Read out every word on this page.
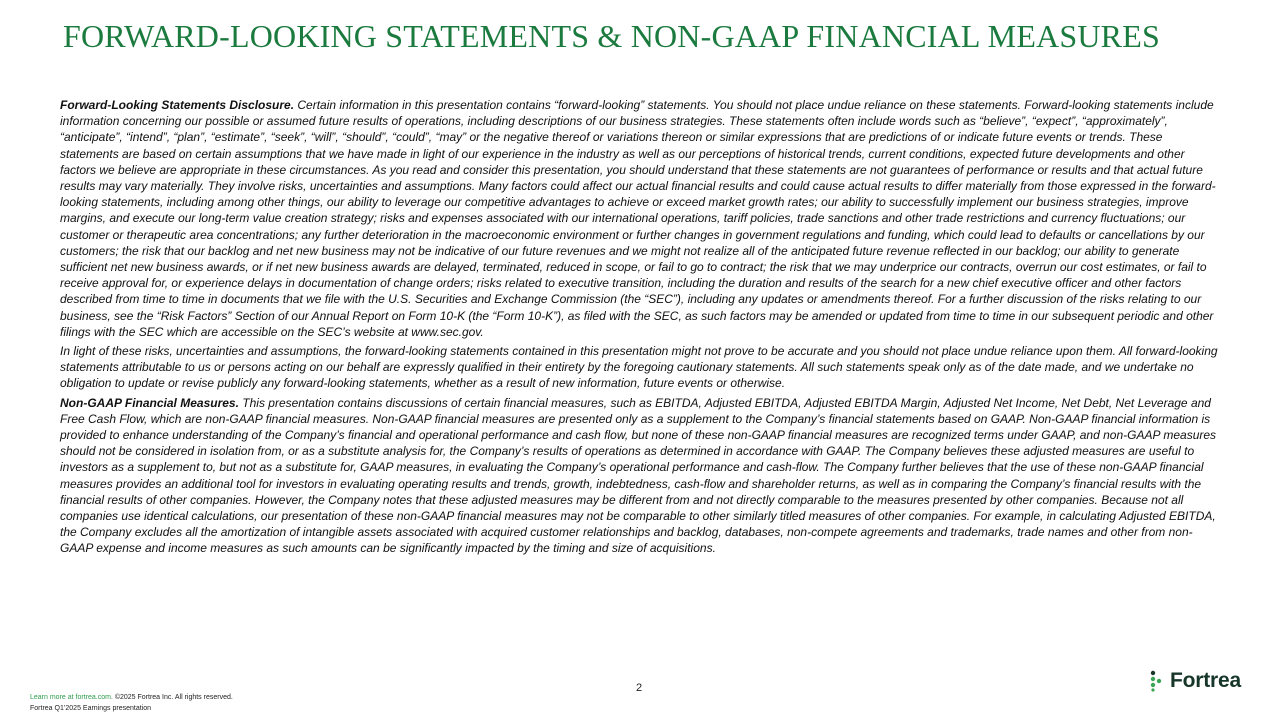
FORWARD-LOOKING STATEMENTS & NON-GAAP FINANCIAL MEASURES

Forward-Looking Statements Disclosure. Certain information in this presentation contains “forward-looking” statements. You should not place undue reliance on these statements. Forward-looking statements include information concerning our possible or assumed future results of operations, including descriptions of our business strategies. These statements often include words such as “believe”, “expect”, “approximately”, “anticipate”, “intend”, “plan”, “estimate”, “seek”, “will”, “should”, “could”, “may” or the negative thereof or variations thereon or similar expressions that are predictions of or indicate future events or trends. These statements are based on certain assumptions that we have made in light of our experience in the industry as well as our perceptions of historical trends, current conditions, expected future developments and other factors we believe are appropriate in these circumstances. As you read and consider this presentation, you should understand that these statements are not guarantees of performance or results and that actual future results may vary materially. They involve risks, uncertainties and assumptions. Many factors could affect our actual financial results and could cause actual results to differ materially from those expressed in the forward-looking statements, including among other things, our ability to leverage our competitive advantages to achieve or exceed market growth rates; our ability to successfully implement our business strategies, improve margins, and execute our long-term value creation strategy; risks and expenses associated with our international operations, tariff policies, trade sanctions and other trade restrictions and currency fluctuations; our customer or therapeutic area concentrations; any further deterioration in the macroeconomic environment or further changes in government regulations and funding, which could lead to defaults or cancellations by our customers; the risk that our backlog and net new business may not be indicative of our future revenues and we might not realize all of the anticipated future revenue reflected in our backlog; our ability to generate sufficient net new business awards, or if net new business awards are delayed, terminated, reduced in scope, or fail to go to contract; the risk that we may underprice our contracts, overrun our cost estimates, or fail to receive approval for, or experience delays in documentation of change orders; risks related to executive transition, including the duration and results of the search for a new chief executive officer and other factors described from time to time in documents that we file with the U.S. Securities and Exchange Commission (the “SEC”), including any updates or amendments thereof. For a further discussion of the risks relating to our business, see the “Risk Factors” Section of our Annual Report on Form 10-K (the “Form 10-K”), as filed with the SEC, as such factors may be amended or updated from time to time in our subsequent periodic and other filings with the SEC which are accessible on the SEC’s website at www.sec.gov.

In light of these risks, uncertainties and assumptions, the forward-looking statements contained in this presentation might not prove to be accurate and you should not place undue reliance upon them. All forward-looking statements attributable to us or persons acting on our behalf are expressly qualified in their entirety by the foregoing cautionary statements. All such statements speak only as of the date made, and we undertake no obligation to update or revise publicly any forward-looking statements, whether as a result of new information, future events or otherwise.

Non-GAAP Financial Measures. This presentation contains discussions of certain financial measures, such as EBITDA, Adjusted EBITDA, Adjusted EBITDA Margin, Adjusted Net Income, Net Debt, Net Leverage and Free Cash Flow, which are non-GAAP financial measures. Non-GAAP financial measures are presented only as a supplement to the Company’s financial statements based on GAAP. Non-GAAP financial information is provided to enhance understanding of the Company’s financial and operational performance and cash flow, but none of these non-GAAP financial measures are recognized terms under GAAP, and non-GAAP measures should not be considered in isolation from, or as a substitute analysis for, the Company’s results of operations as determined in accordance with GAAP. The Company believes these adjusted measures are useful to investors as a supplement to, but not as a substitute for, GAAP measures, in evaluating the Company’s operational performance and cash-flow. The Company further believes that the use of these non-GAAP financial measures provides an additional tool for investors in evaluating operating results and trends, growth, indebtedness, cash-flow and shareholder returns, as well as in comparing the Company’s financial results with the financial results of other companies. However, the Company notes that these adjusted measures may be different from and not directly comparable to the measures presented by other companies. Because not all companies use identical calculations, our presentation of these non-GAAP financial measures may not be comparable to other similarly titled measures of other companies. For example, in calculating Adjusted EBITDA, the Company excludes all the amortization of intangible assets associated with acquired customer relationships and backlog, databases, non-compete agreements and trademarks, trade names and other from non-GAAP expense and income measures as such amounts can be significantly impacted by the timing and size of acquisitions.

2
Learn more at fortrea.com. ©2025 Fortrea Inc. All rights reserved.
Fortrea Q1’2025 Earnings presentation
Fortrea
